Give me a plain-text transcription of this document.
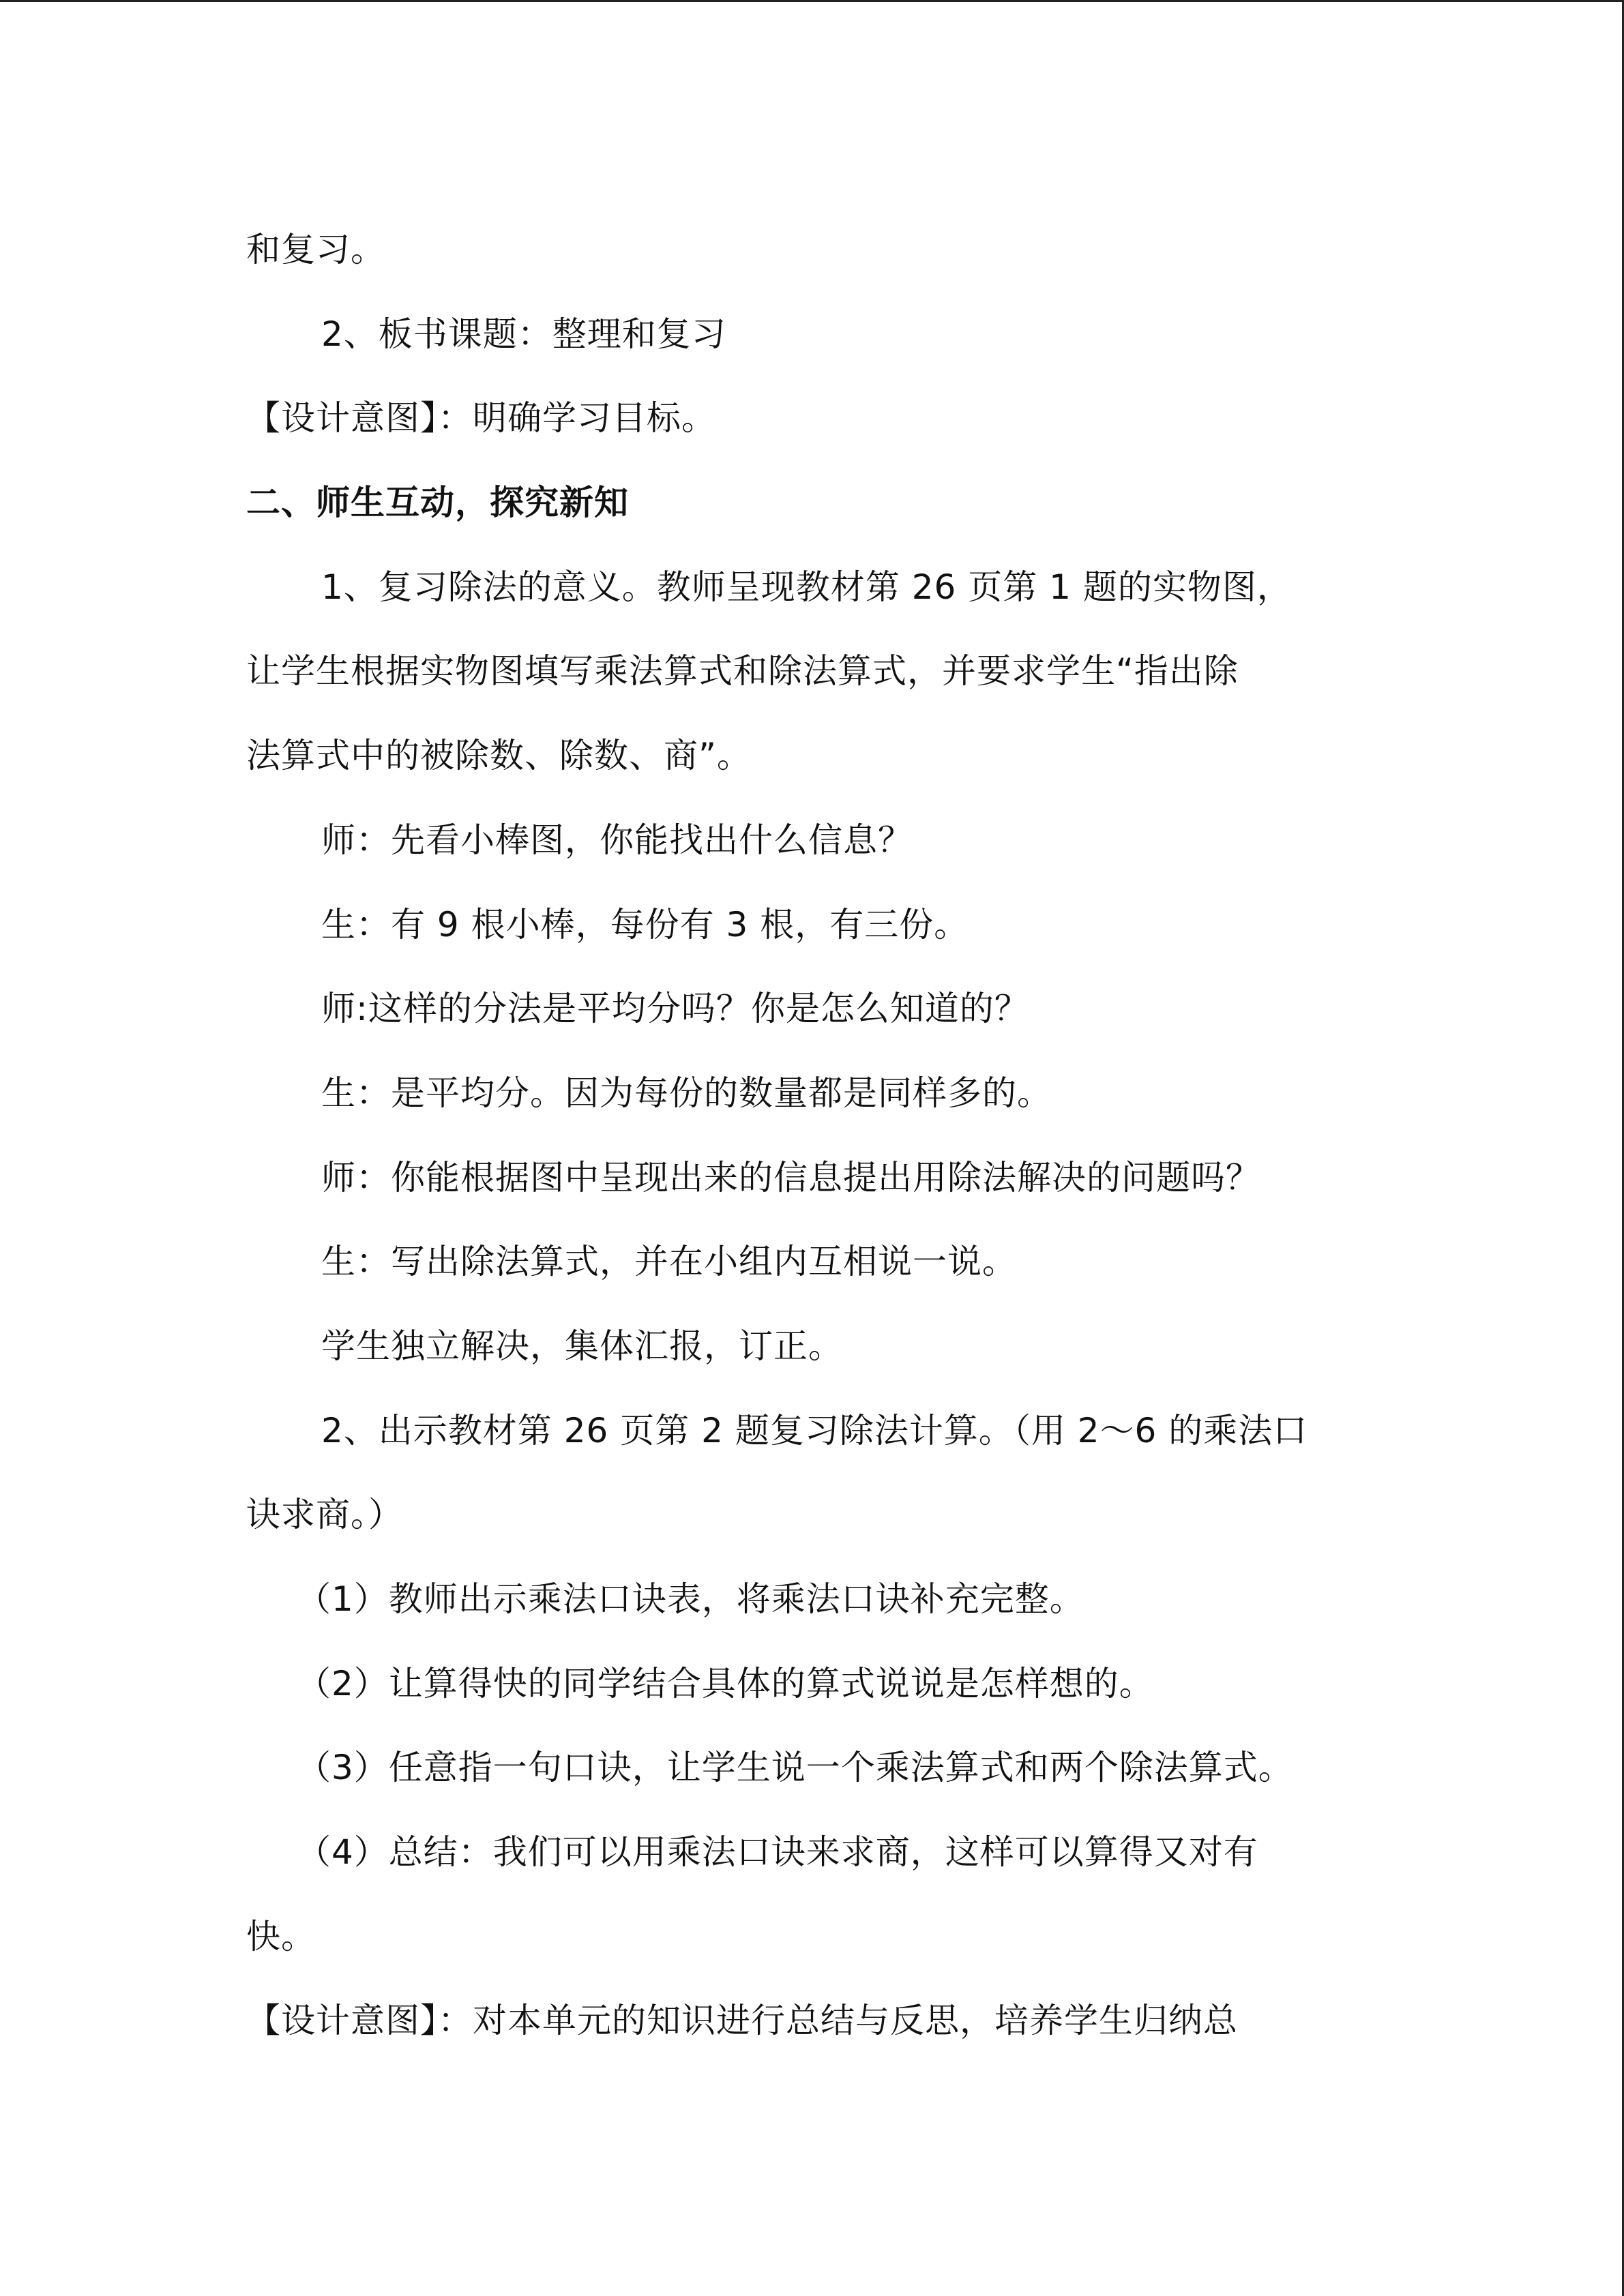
和复习。
2、板书课题：整理和复习
【设计意图】：明确学习目标。
二、师生互动，探究新知
1、复习除法的意义。教师呈现教材第 26 页第 1 题的实物图，
让学生根据实物图填写乘法算式和除法算式，并要求学生“指出除
法算式中的被除数、除数、商”。
师：先看小棒图，你能找出什么信息？
生：有 9 根小棒，每份有 3 根，有三份。
师:这样的分法是平均分吗？你是怎么知道的？
生：是平均分。因为每份的数量都是同样多的。
师：你能根据图中呈现出来的信息提出用除法解决的问题吗？
生：写出除法算式，并在小组内互相说一说。
学生独立解决，集体汇报，订正。
2、出示教材第 26 页第 2 题复习除法计算。（用 2～6 的乘法口
诀求商。）
（1）教师出示乘法口诀表，将乘法口诀补充完整。
（2）让算得快的同学结合具体的算式说说是怎样想的。
（3）任意指一句口诀，让学生说一个乘法算式和两个除法算式。
（4）总结：我们可以用乘法口诀来求商，这样可以算得又对有
快。
【设计意图】：对本单元的知识进行总结与反思，培养学生归纳总
